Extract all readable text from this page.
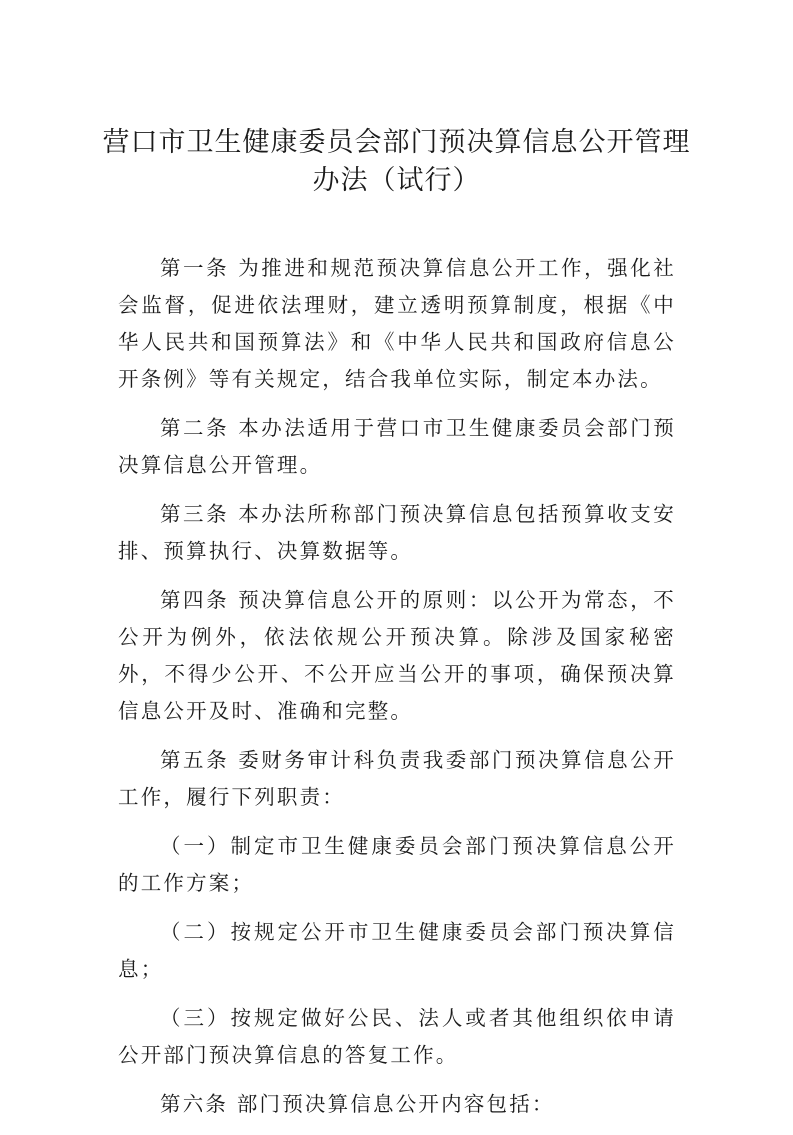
营口市卫生健康委员会部门预决算信息公开管理
办法（试行）

第一条 为推进和规范预决算信息公开工作，强化社会监督，促进依法理财，建立透明预算制度，根据《中华人民共和国预算法》和《中华人民共和国政府信息公开条例》等有关规定，结合我单位实际，制定本办法。

第二条 本办法适用于营口市卫生健康委员会部门预决算信息公开管理。

第三条 本办法所称部门预决算信息包括预算收支安排、预算执行、决算数据等。

第四条 预决算信息公开的原则：以公开为常态，不公开为例外，依法依规公开预决算。除涉及国家秘密外，不得少公开、不公开应当公开的事项，确保预决算信息公开及时、准确和完整。

第五条 委财务审计科负责我委部门预决算信息公开工作，履行下列职责：

（一）制定市卫生健康委员会部门预决算信息公开的工作方案；

（二）按规定公开市卫生健康委员会部门预决算信息；

（三）按规定做好公民、法人或者其他组织依申请公开部门预决算信息的答复工作。

第六条 部门预决算信息公开内容包括：
